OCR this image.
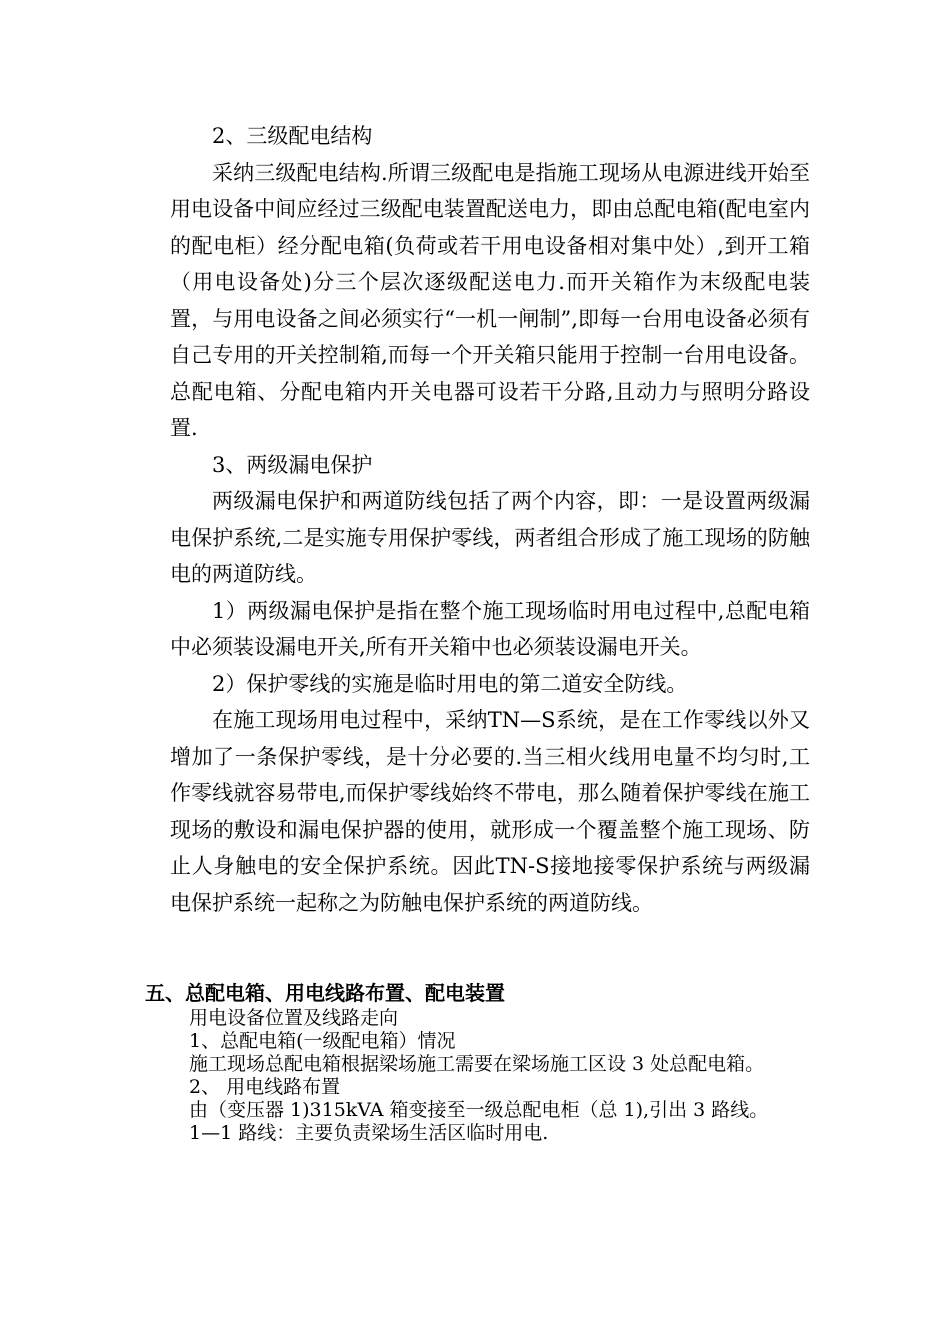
2、三级配电结构

采纳三级配电结构.所谓三级配电是指施工现场从电源进线开始至用电设备中间应经过三级配电装置配送电力，即由总配电箱(配电室内的配电柜）经分配电箱(负荷或若干用电设备相对集中处）,到开工箱（用电设备处)分三个层次逐级配送电力.而开关箱作为末级配电装置，与用电设备之间必须实行“一机一闸制”,即每一台用电设备必须有自己专用的开关控制箱,而每一个开关箱只能用于控制一台用电设备。总配电箱、分配电箱内开关电器可设若干分路,且动力与照明分路设置.

3、两级漏电保护

两级漏电保护和两道防线包括了两个内容，即：一是设置两级漏电保护系统,二是实施专用保护零线，两者组合形成了施工现场的防触电的两道防线。

1）两级漏电保护是指在整个施工现场临时用电过程中,总配电箱中必须装设漏电开关,所有开关箱中也必须装设漏电开关。

2）保护零线的实施是临时用电的第二道安全防线。

在施工现场用电过程中，采纳TN—S系统，是在工作零线以外又增加了一条保护零线，是十分必要的.当三相火线用电量不均匀时,工作零线就容易带电,而保护零线始终不带电，那么随着保护零线在施工现场的敷设和漏电保护器的使用，就形成一个覆盖整个施工现场、防止人身触电的安全保护系统。因此TN-S接地接零保护系统与两级漏电保护系统一起称之为防触电保护系统的两道防线。

五、总配电箱、用电线路布置、配电装置

用电设备位置及线路走向

1、总配电箱(一级配电箱）情况

施工现场总配电箱根据梁场施工需要在梁场施工区设 3 处总配电箱。

2、 用电线路布置

由（变压器 1)315kVA 箱变接至一级总配电柜（总 1),引出 3 路线。

1—1 路线：主要负责梁场生活区临时用电.
